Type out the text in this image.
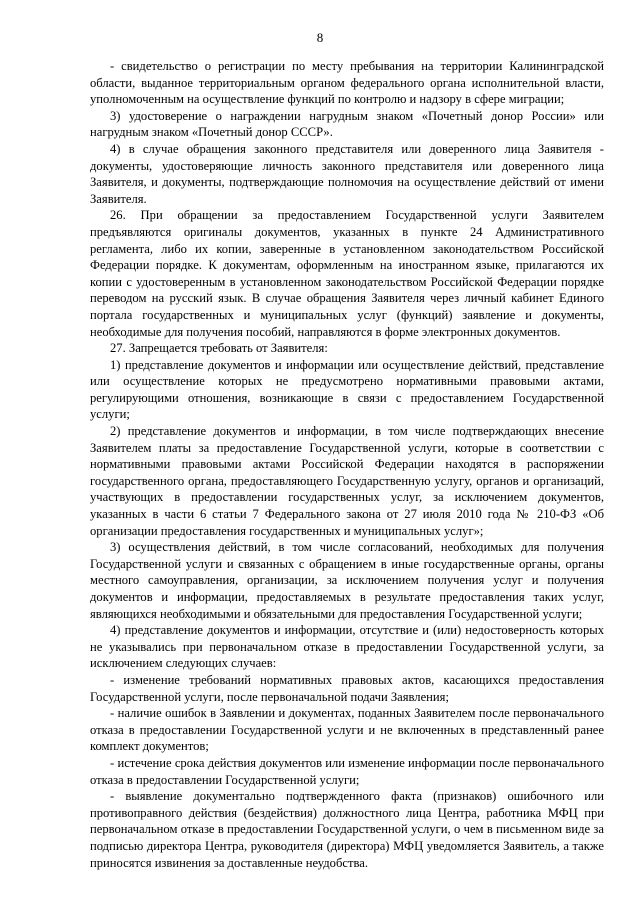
8

- свидетельство о регистрации по месту пребывания на территории Калининградской области, выданное территориальным органом федерального органа исполнительной власти, уполномоченным на осуществление функций по контролю и надзору в сфере миграции;

3) удостоверение о награждении нагрудным знаком «Почетный донор России» или нагрудным знаком «Почетный донор СССР».

4) в случае обращения законного представителя или доверенного лица Заявителя - документы, удостоверяющие личность законного представителя или доверенного лица Заявителя, и документы, подтверждающие полномочия на осуществление действий от имени Заявителя.

26. При обращении за предоставлением Государственной услуги Заявителем предъявляются оригиналы документов, указанных в пункте 24 Административного регламента, либо их копии, заверенные в установленном законодательством Российской Федерации порядке. К документам, оформленным на иностранном языке, прилагаются их копии с удостоверенным в установленном законодательством Российской Федерации порядке переводом на русский язык. В случае обращения Заявителя через личный кабинет Единого портала государственных и муниципальных услуг (функций) заявление и документы, необходимые для получения пособий, направляются в форме электронных документов.

27. Запрещается требовать от Заявителя:

1) представление документов и информации или осуществление действий, представление или осуществление которых не предусмотрено нормативными правовыми актами, регулирующими отношения, возникающие в связи с предоставлением Государственной услуги;

2) представление документов и информации, в том числе подтверждающих внесение Заявителем платы за предоставление Государственной услуги, которые в соответствии с нормативными правовыми актами Российской Федерации находятся в распоряжении государственного органа, предоставляющего Государственную услугу, органов и организаций, участвующих в предоставлении государственных услуг, за исключением документов, указанных в части 6 статьи 7 Федерального закона от 27 июля 2010 года № 210-ФЗ «Об организации предоставления государственных и муниципальных услуг»;

3) осуществления действий, в том числе согласований, необходимых для получения Государственной услуги и связанных с обращением в иные государственные органы, органы местного самоуправления, организации, за исключением получения услуг и получения документов и информации, предоставляемых в результате предоставления таких услуг, являющихся необходимыми и обязательными для предоставления Государственной услуги;

4) представление документов и информации, отсутствие и (или) недостоверность которых не указывались при первоначальном отказе в предоставлении Государственной услуги, за исключением следующих случаев:

- изменение требований нормативных правовых актов, касающихся предоставления Государственной услуги, после первоначальной подачи Заявления;

- наличие ошибок в Заявлении и документах, поданных Заявителем после первоначального отказа в предоставлении Государственной услуги и не включенных в представленный ранее комплект документов;

- истечение срока действия документов или изменение информации после первоначального отказа в предоставлении Государственной услуги;

- выявление документально подтвержденного факта (признаков) ошибочного или противоправного действия (бездействия) должностного лица Центра, работника МФЦ при первоначальном отказе в предоставлении Государственной услуги, о чем в письменном виде за подписью директора Центра, руководителя (директора) МФЦ уведомляется Заявитель, а также приносятся извинения за доставленные неудобства.
